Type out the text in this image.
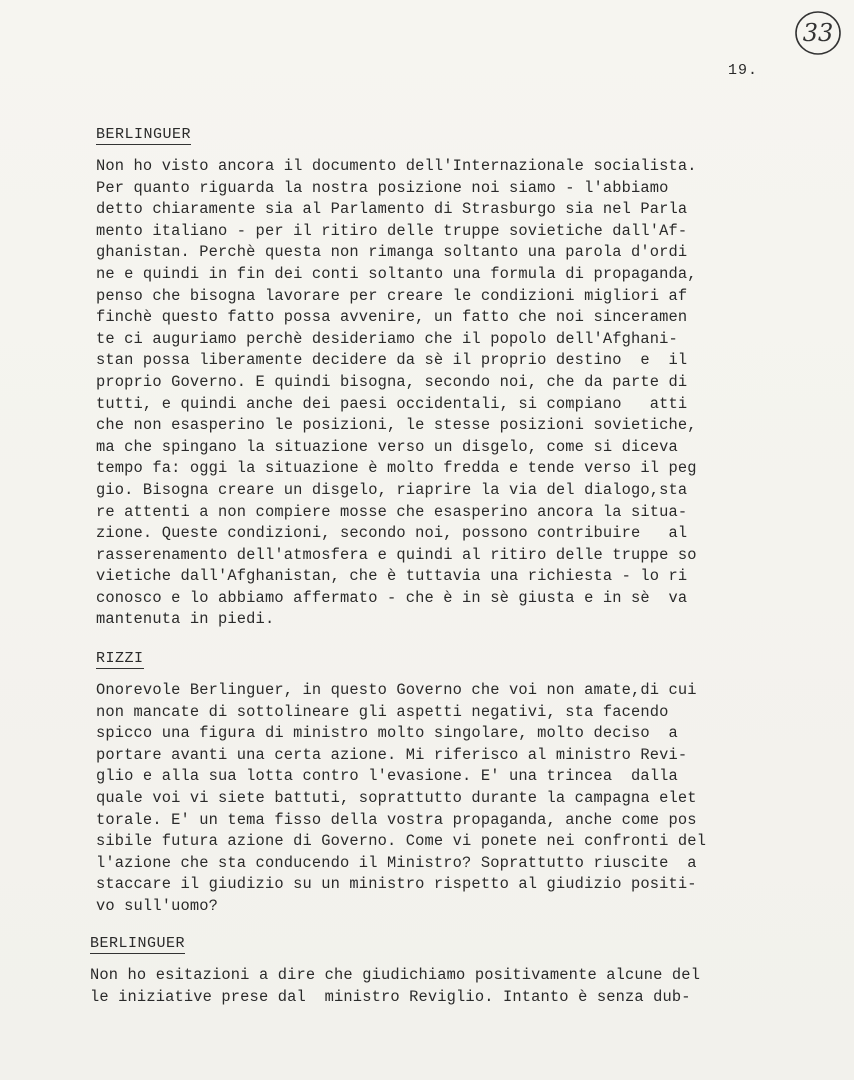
33
19.
BERLINGUER
Non ho visto ancora il documento dell'Internazionale socialista.
Per quanto riguarda la nostra posizione noi siamo - l'abbiamo
detto chiaramente sia al Parlamento di Strasburgo sia nel Parla
mento italiano - per il ritiro delle truppe sovietiche dall'Af-
ghanistan. Perchè questa non rimanga soltanto una parola d'ordi
ne e quindi in fin dei conti soltanto una formula di propaganda,
penso che bisogna lavorare per creare le condizioni migliori af
finchè questo fatto possa avvenire, un fatto che noi sinceramen
te ci auguriamo perchè desideriamo che il popolo dell'Afghani-
stan possa liberamente decidere da sè il proprio destino  e  il
proprio Governo. E quindi bisogna, secondo noi, che da parte di
tutti, e quindi anche dei paesi occidentali, si compiano   atti
che non esasperino le posizioni, le stesse posizioni sovietiche,
ma che spingano la situazione verso un disgelo, come si diceva
tempo fa: oggi la situazione è molto fredda e tende verso il peg
gio. Bisogna creare un disgelo, riaprire la via del dialogo,sta
re attenti a non compiere mosse che esasperino ancora la situa-
zione. Queste condizioni, secondo noi, possono contribuire   al
rasserenamento dell'atmosfera e quindi al ritiro delle truppe so
vietiche dall'Afghanistan, che è tuttavia una richiesta - lo ri
conosco e lo abbiamo affermato - che è in sè giusta e in sè  va
mantenuta in piedi.
RIZZI
Onorevole Berlinguer, in questo Governo che voi non amate,di cui
non mancate di sottolineare gli aspetti negativi, sta facendo
spicco una figura di ministro molto singolare, molto deciso  a
portare avanti una certa azione. Mi riferisco al ministro Revi-
glio e alla sua lotta contro l'evasione. E' una trincea  dalla
quale voi vi siete battuti, soprattutto durante la campagna elet
torale. E' un tema fisso della vostra propaganda, anche come pos
sibile futura azione di Governo. Come vi ponete nei confronti del
l'azione che sta conducendo il Ministro? Soprattutto riuscite  a
staccare il giudizio su un ministro rispetto al giudizio positi-
vo sull'uomo?
BERLINGUER
Non ho esitazioni a dire che giudichiamo positivamente alcune del
le iniziative prese dal  ministro Reviglio. Intanto è senza dub-
